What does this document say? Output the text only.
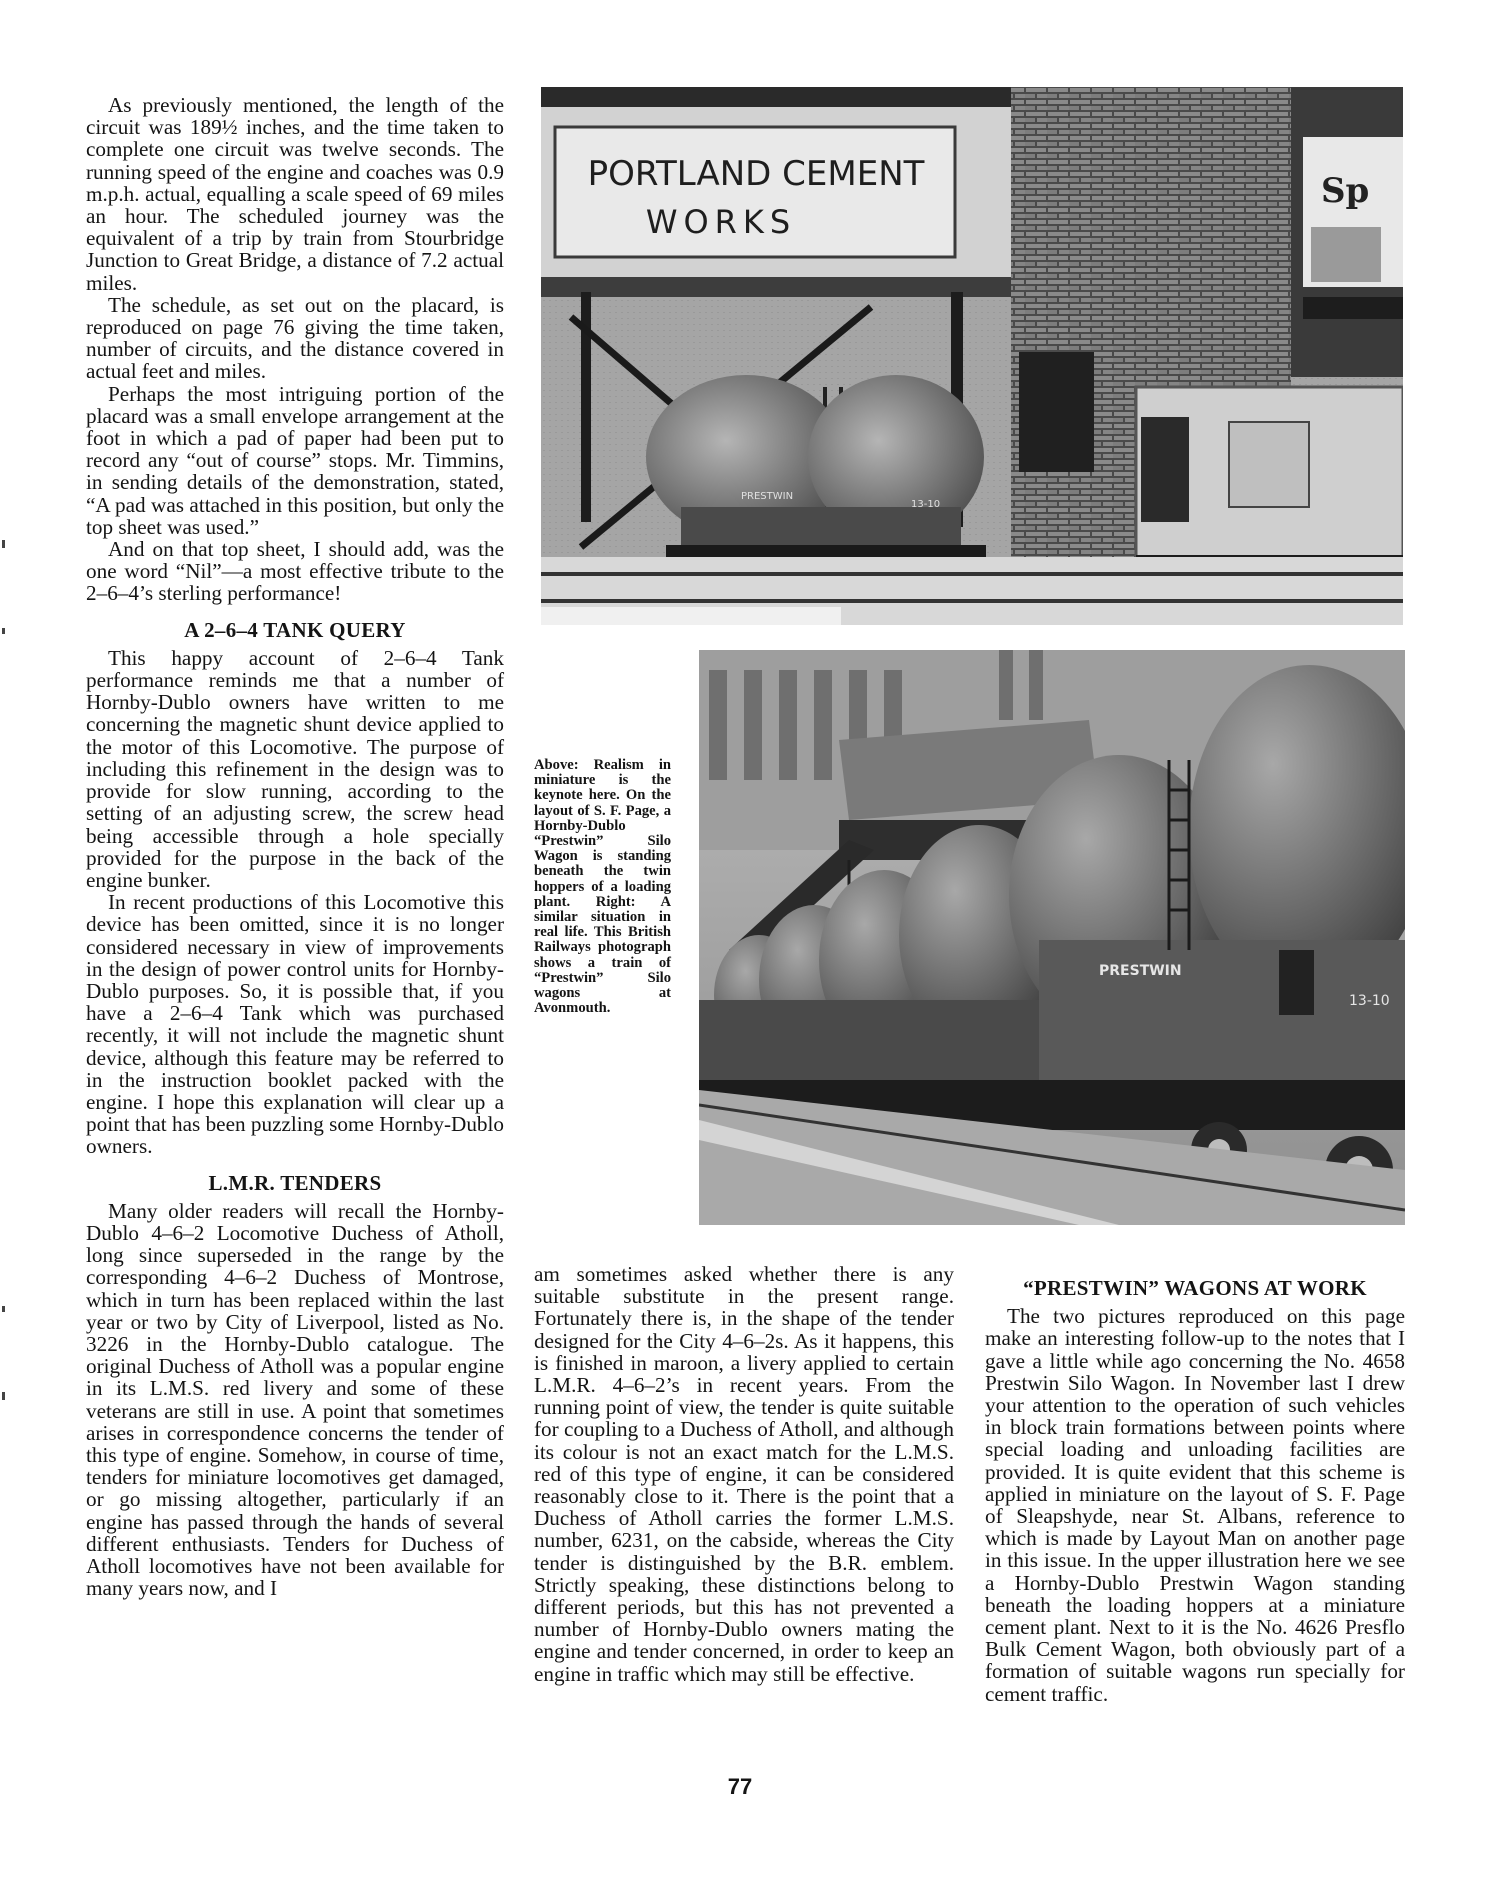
As previously mentioned, the length of the circuit was 189½ inches, and the time taken to complete one circuit was twelve seconds. The running speed of the engine and coaches was 0.9 m.p.h. actual, equalling a scale speed of 69 miles an hour. The scheduled journey was the equivalent of a trip by train from Stourbridge Junction to Great Bridge, a distance of 7.2 actual miles.

The schedule, as set out on the placard, is reproduced on page 76 giving the time taken, number of circuits, and the distance covered in actual feet and miles.

Perhaps the most intriguing portion of the placard was a small envelope arrangement at the foot in which a pad of paper had been put to record any “out of course” stops. Mr. Timmins, in sending details of the demonstration, stated, “A pad was attached in this position, but only the top sheet was used.”

And on that top sheet, I should add, was the one word “Nil”—a most effective tribute to the 2–6–4’s sterling performance!

A 2–6–4 TANK QUERY

This happy account of 2–6–4 Tank performance reminds me that a number of Hornby-Dublo owners have written to me concerning the magnetic shunt device applied to the motor of this Locomotive. The purpose of including this refinement in the design was to provide for slow running, according to the setting of an adjusting screw, the screw head being accessible through a hole specially provided for the purpose in the back of the engine bunker.

In recent productions of this Locomotive this device has been omitted, since it is no longer considered necessary in view of improvements in the design of power control units for Hornby-Dublo purposes. So, it is possible that, if you have a 2–6–4 Tank which was purchased recently, it will not include the magnetic shunt device, although this feature may be referred to in the instruction booklet packed with the engine. I hope this explanation will clear up a point that has been puzzling some Hornby-Dublo owners.

L.M.R. TENDERS

Many older readers will recall the Hornby-Dublo 4–6–2 Locomotive Duchess of Atholl, long since superseded in the range by the corresponding 4–6–2 Duchess of Montrose, which in turn has been replaced within the last year or two by City of Liverpool, listed as No. 3226 in the Hornby-Dublo catalogue. The original Duchess of Atholl was a popular engine in its L.M.S. red livery and some of these veterans are still in use. A point that sometimes arises in correspondence concerns the tender of this type of engine. Somehow, in course of time, tenders for miniature locomotives get damaged, or go missing altogether, particularly if an engine has passed through the hands of several different enthusiasts. Tenders for Duchess of Atholl locomotives have not been available for many years now, and I

Sp
PORTLAND CEMENT
WORKS
PRESTWIN
13-10
Above: Realism in miniature is the keynote here. On the layout of S. F. Page, a Hornby-Dublo “Prestwin” Silo Wagon is standing beneath the twin hoppers of a loading plant. Right: A similar situation in real life. This British Railways photograph shows a train of “Prestwin” Silo wagons at Avonmouth.
PRESTWIN
13-10

am sometimes asked whether there is any suitable substitute in the present range. Fortunately there is, in the shape of the tender designed for the City 4–6–2s. As it happens, this is finished in maroon, a livery applied to certain L.M.R. 4–6–2’s in recent years. From the running point of view, the tender is quite suitable for coupling to a Duchess of Atholl, and although its colour is not an exact match for the L.M.S. red of this type of engine, it can be considered reasonably close to it. There is the point that a Duchess of Atholl carries the former L.M.S. number, 6231, on the cabside, whereas the City tender is distinguished by the B.R. emblem. Strictly speaking, these distinctions belong to different periods, but this has not prevented a number of Hornby-Dublo owners mating the engine and tender concerned, in order to keep an engine in traffic which may still be effective.

“PRESTWIN” WAGONS AT WORK

The two pictures reproduced on this page make an interesting follow-up to the notes that I gave a little while ago concerning the No. 4658 Prestwin Silo Wagon. In November last I drew your attention to the operation of such vehicles in block train formations between points where special loading and unloading facilities are provided. It is quite evident that this scheme is applied in miniature on the layout of S. F. Page of Sleapshyde, near St. Albans, reference to which is made by Layout Man on another page in this issue. In the upper illustration here we see a Hornby-Dublo Prestwin Wagon standing beneath the loading hoppers at a miniature cement plant. Next to it is the No. 4626 Presflo Bulk Cement Wagon, both obviously part of a formation of suitable wagons run specially for cement traffic.

77
